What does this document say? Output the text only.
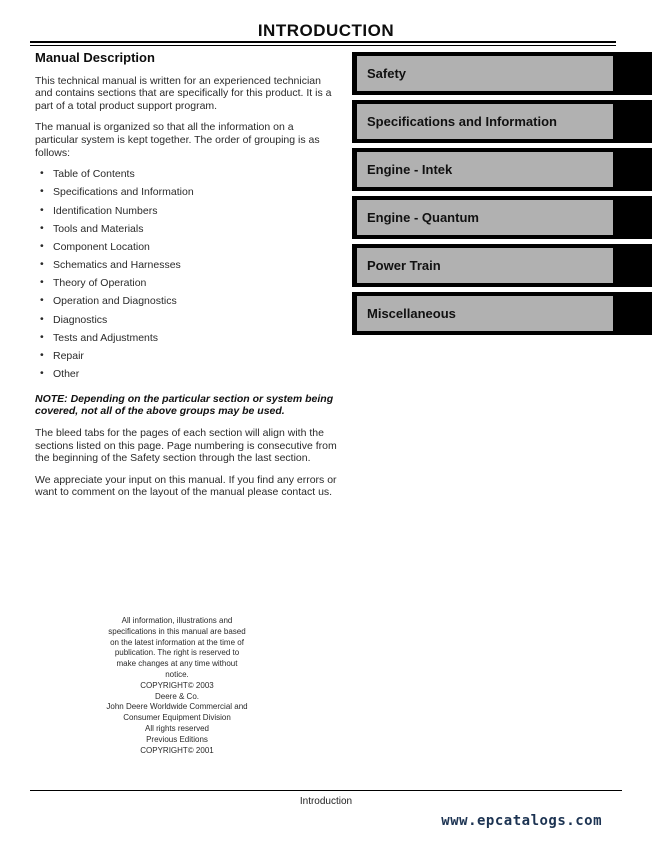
INTRODUCTION
Manual Description

This technical manual is written for an experienced technician and contains sections that are specifically for this product. It is a part of a total product support program.

The manual is organized so that all the information on a particular system is kept together. The order of grouping is as follows:

• Table of Contents
• Specifications and Information
• Identification Numbers
• Tools and Materials
• Component Location
• Schematics and Harnesses
• Theory of Operation
• Operation and Diagnostics
• Diagnostics
• Tests and Adjustments
• Repair
• Other

NOTE: Depending on the particular section or system being covered, not all of the above groups may be used.

The bleed tabs for the pages of each section will align with the sections listed on this page. Page numbering is consecutive from the beginning of the Safety section through the last section.

We appreciate your input on this manual. If you find any errors or want to comment on the layout of the manual please contact us.

Safety
Specifications and Information
Engine - Intek
Engine - Quantum
Power Train
Miscellaneous
All information, illustrations and
specifications in this manual are based
on the latest information at the time of
publication. The right is reserved to
make changes at any time without
notice.
COPYRIGHT© 2003
Deere & Co.
John Deere Worldwide Commercial and
Consumer Equipment Division
All rights reserved
Previous Editions
COPYRIGHT© 2001
Introduction
www.epcatalogs.com
